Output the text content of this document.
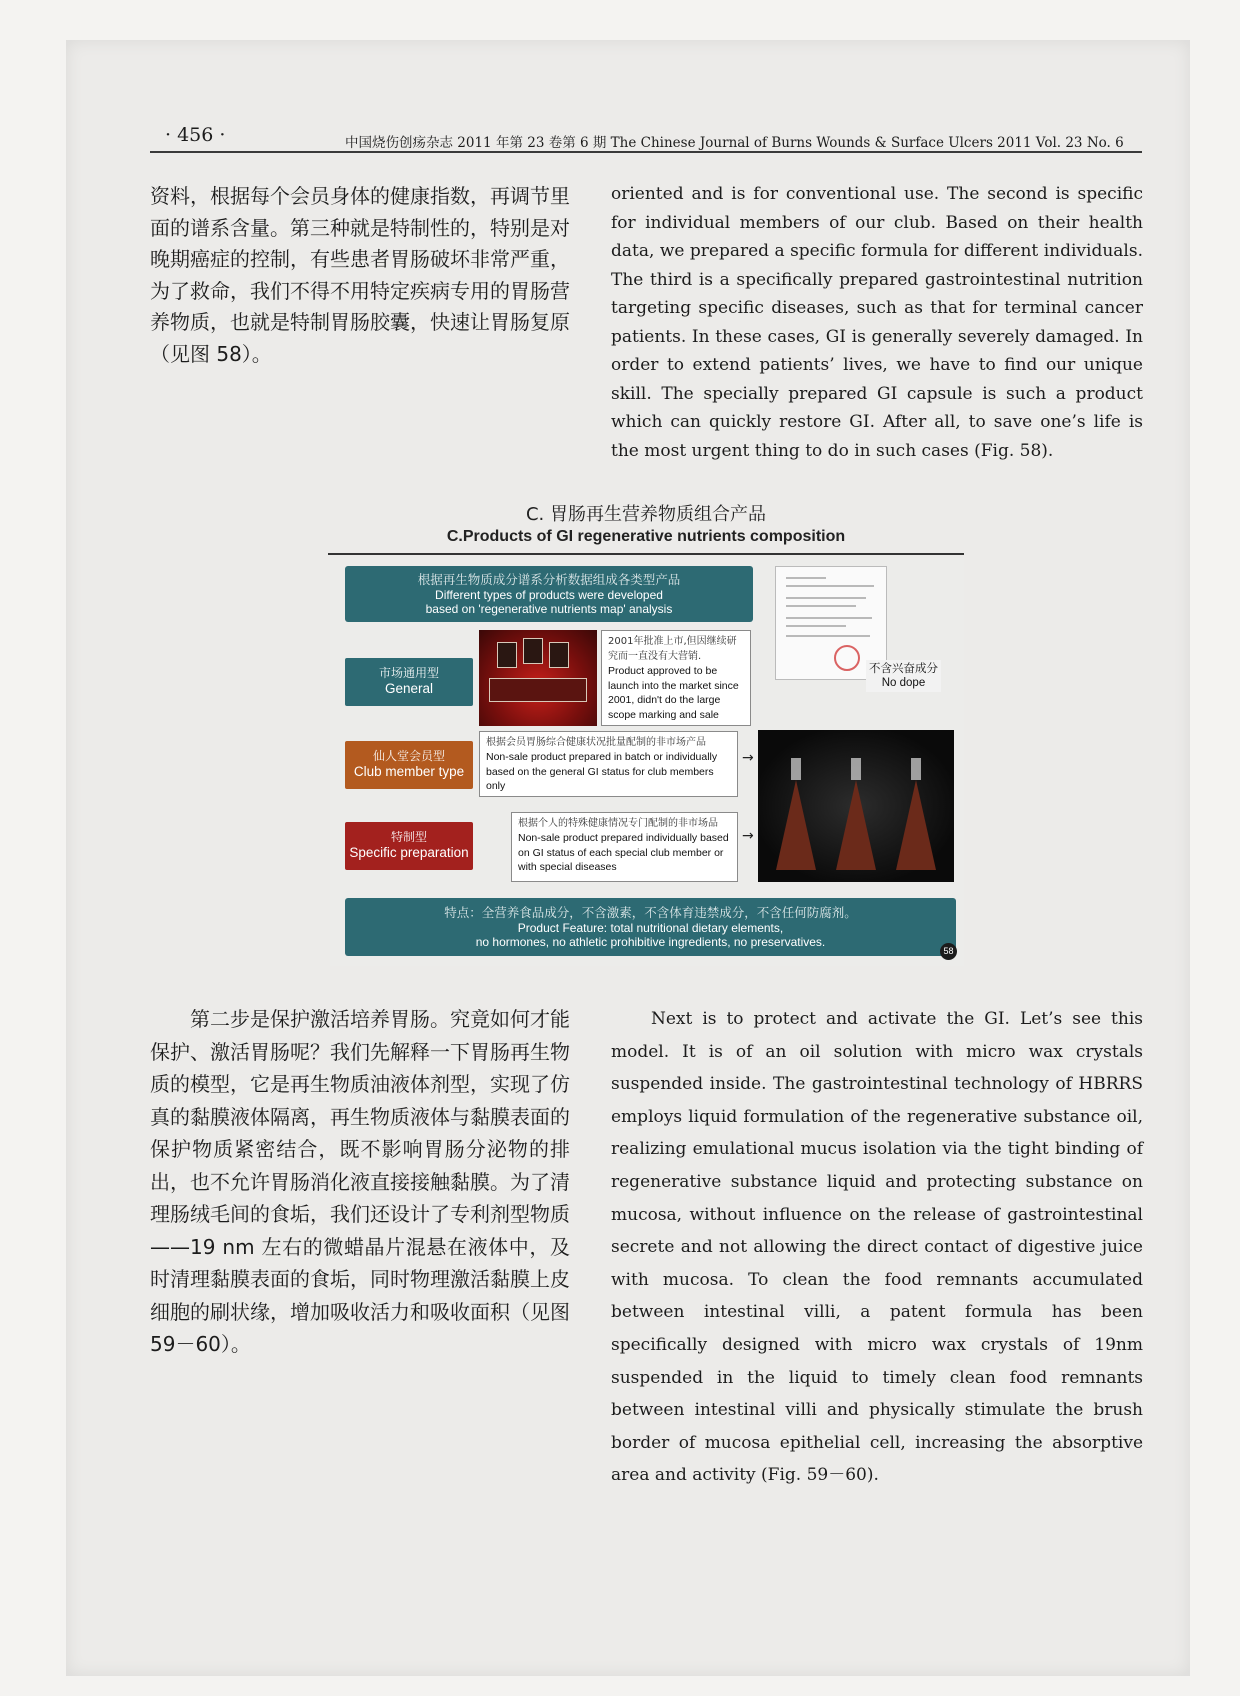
· 456 ·	中国烧伤创疡杂志 2011 年第 23 卷第 6 期 The Chinese Journal of Burns Wounds & Surface Ulcers 2011 Vol. 23 No. 6

资料，根据每个会员身体的健康指数，再调节里面的谱系含量。第三种就是特制性的，特别是对晚期癌症的控制，有些患者胃肠破坏非常严重，为了救命，我们不得不用特定疾病专用的胃肠营养物质，也就是特制胃肠胶囊，快速让胃肠复原（见图 58）。

oriented and is for conventional use. The second is specific for individual members of our club. Based on their health data, we prepared a specific formula for different individuals. The third is a specifically prepared gastrointestinal nutrition targeting specific diseases, such as that for terminal cancer patients. In these cases, GI is generally severely damaged. In order to extend patients’ lives, we have to find our unique skill. The specially prepared GI capsule is such a product which can quickly restore GI. After all, to save one’s life is the most urgent thing to do in such cases (Fig. 58).

C. 胃肠再生营养物质组合产品
C.Products of GI regenerative nutrients composition
根据再生物质成分谱系分析数据组成各类型产品
Different types of products were developed
based on 'regenerative nutrients map' analysis
市场通用型
General
仙人堂会员型
Club member type
特制型
Specific preparation
2001年批准上市,但因继续研究而一直没有大营销.
Product approved to be launch into the market since 2001, didn't do the large scope marking and sale
不含兴奋成分
No dope
根据会员胃肠综合健康状况批量配制的非市场产品
Non-sale product prepared in batch or individually based on the general GI status for club members only
→
根据个人的特殊健康情况专门配制的非市场品
Non-sale product prepared individually based on GI status of each special club member or with special diseases
→
特点：全营养食品成分，不含激素，不含体育违禁成分，不含任何防腐剂。
Product Feature: total nutritional dietary elements,
no hormones, no athletic prohibitive ingredients, no preservatives.
58

第二步是保护激活培养胃肠。究竟如何才能保护、激活胃肠呢？我们先解释一下胃肠再生物质的模型，它是再生物质油液体剂型，实现了仿真的黏膜液体隔离，再生物质液体与黏膜表面的保护物质紧密结合，既不影响胃肠分泌物的排出，也不允许胃肠消化液直接接触黏膜。为了清理肠绒毛间的食垢，我们还设计了专利剂型物质——19 nm 左右的微蜡晶片混悬在液体中，及时清理黏膜表面的食垢，同时物理激活黏膜上皮细胞的刷状缘，增加吸收活力和吸收面积（见图 59－60）。

Next is to protect and activate the GI. Let’s see this model. It is of an oil solution with micro wax crystals suspended inside. The gastrointestinal technology of HBRRS employs liquid formulation of the regenerative substance oil, realizing emulational mucus isolation via the tight binding of regenerative substance liquid and protecting substance on mucosa, without influence on the release of gastrointestinal secrete and not allowing the direct contact of digestive juice with mucosa. To clean the food remnants accumulated between intestinal villi, a patent formula has been specifically designed with micro wax crystals of 19nm suspended in the liquid to timely clean food remnants between intestinal villi and physically stimulate the brush border of mucosa epithelial cell, increasing the absorptive area and activity (Fig. 59－60).
